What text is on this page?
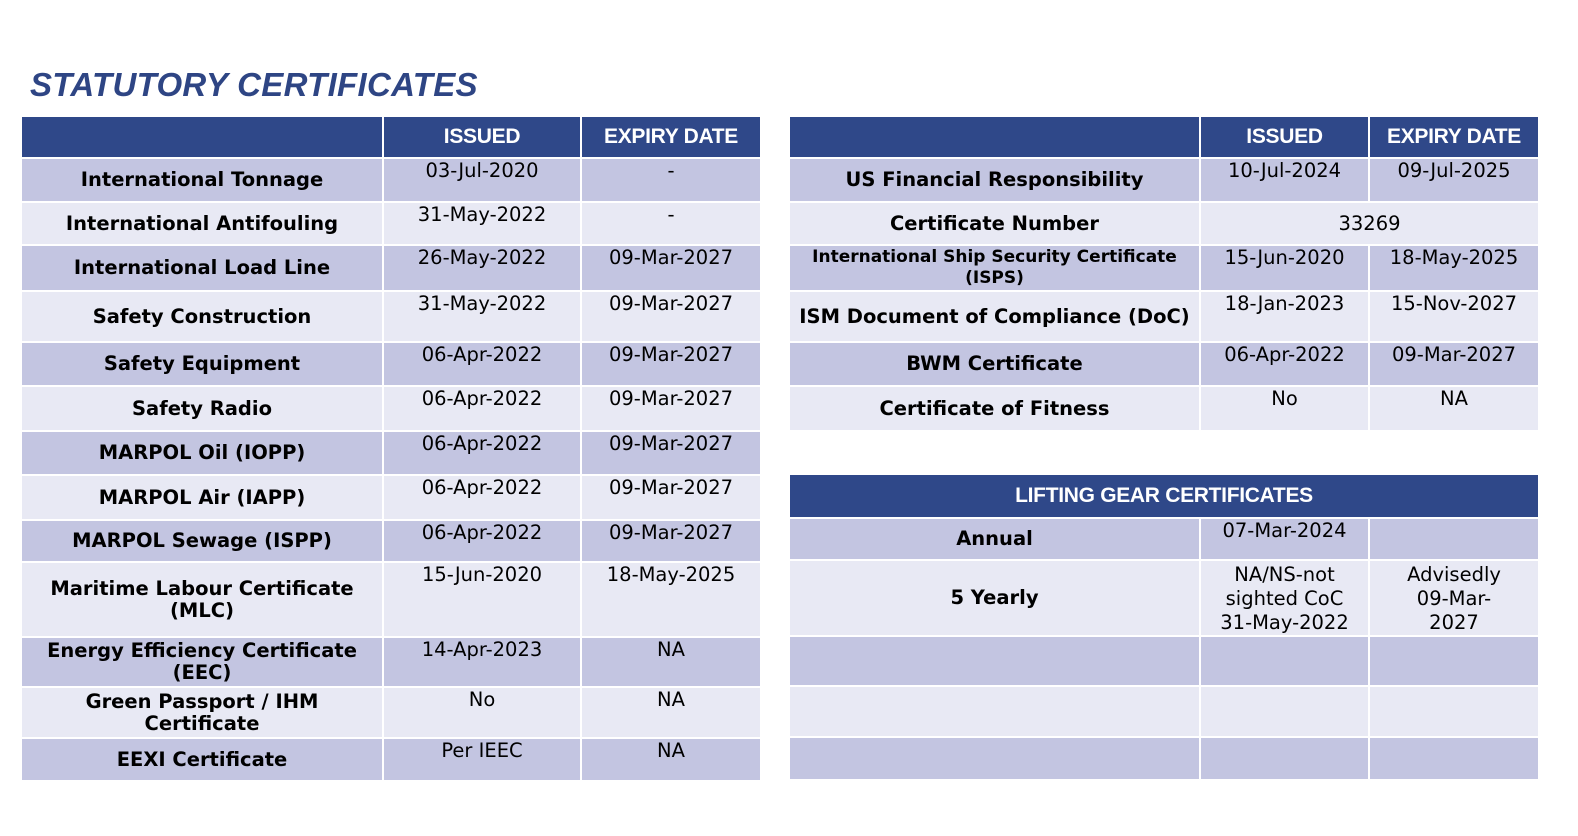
STATUTORY CERTIFICATES
	ISSUED	EXPIRY DATE
International Tonnage	03-Jul-2020	-
International Antifouling	31-May-2022	-
International Load Line	26-May-2022	09-Mar-2027
Safety Construction	31-May-2022	09-Mar-2027
Safety Equipment	06-Apr-2022	09-Mar-2027
Safety Radio	06-Apr-2022	09-Mar-2027
MARPOL Oil (IOPP)	06-Apr-2022	09-Mar-2027
MARPOL Air (IAPP)	06-Apr-2022	09-Mar-2027
MARPOL Sewage (ISPP)	06-Apr-2022	09-Mar-2027
Maritime Labour Certificate (MLC)	15-Jun-2020	18-May-2025
Energy Efficiency Certificate (EEC)	14-Apr-2023	NA
Green Passport / IHM Certificate	No	NA
EEXI Certificate	Per IEEC	NA
	ISSUED	EXPIRY DATE
US Financial Responsibility	10-Jul-2024	09-Jul-2025
Certificate Number	33269	
International Ship Security Certificate (ISPS)	15-Jun-2020	18-May-2025
ISM Document of Compliance (DoC)	18-Jan-2023	15-Nov-2027
BWM Certificate	06-Apr-2022	09-Mar-2027
Certificate of Fitness	No	NA
LIFTING GEAR CERTIFICATES		
Annual	07-Mar-2024	
5 Yearly	NA/NS-not sighted CoC 31-May-2022	Advisedly 09-Mar-2027
